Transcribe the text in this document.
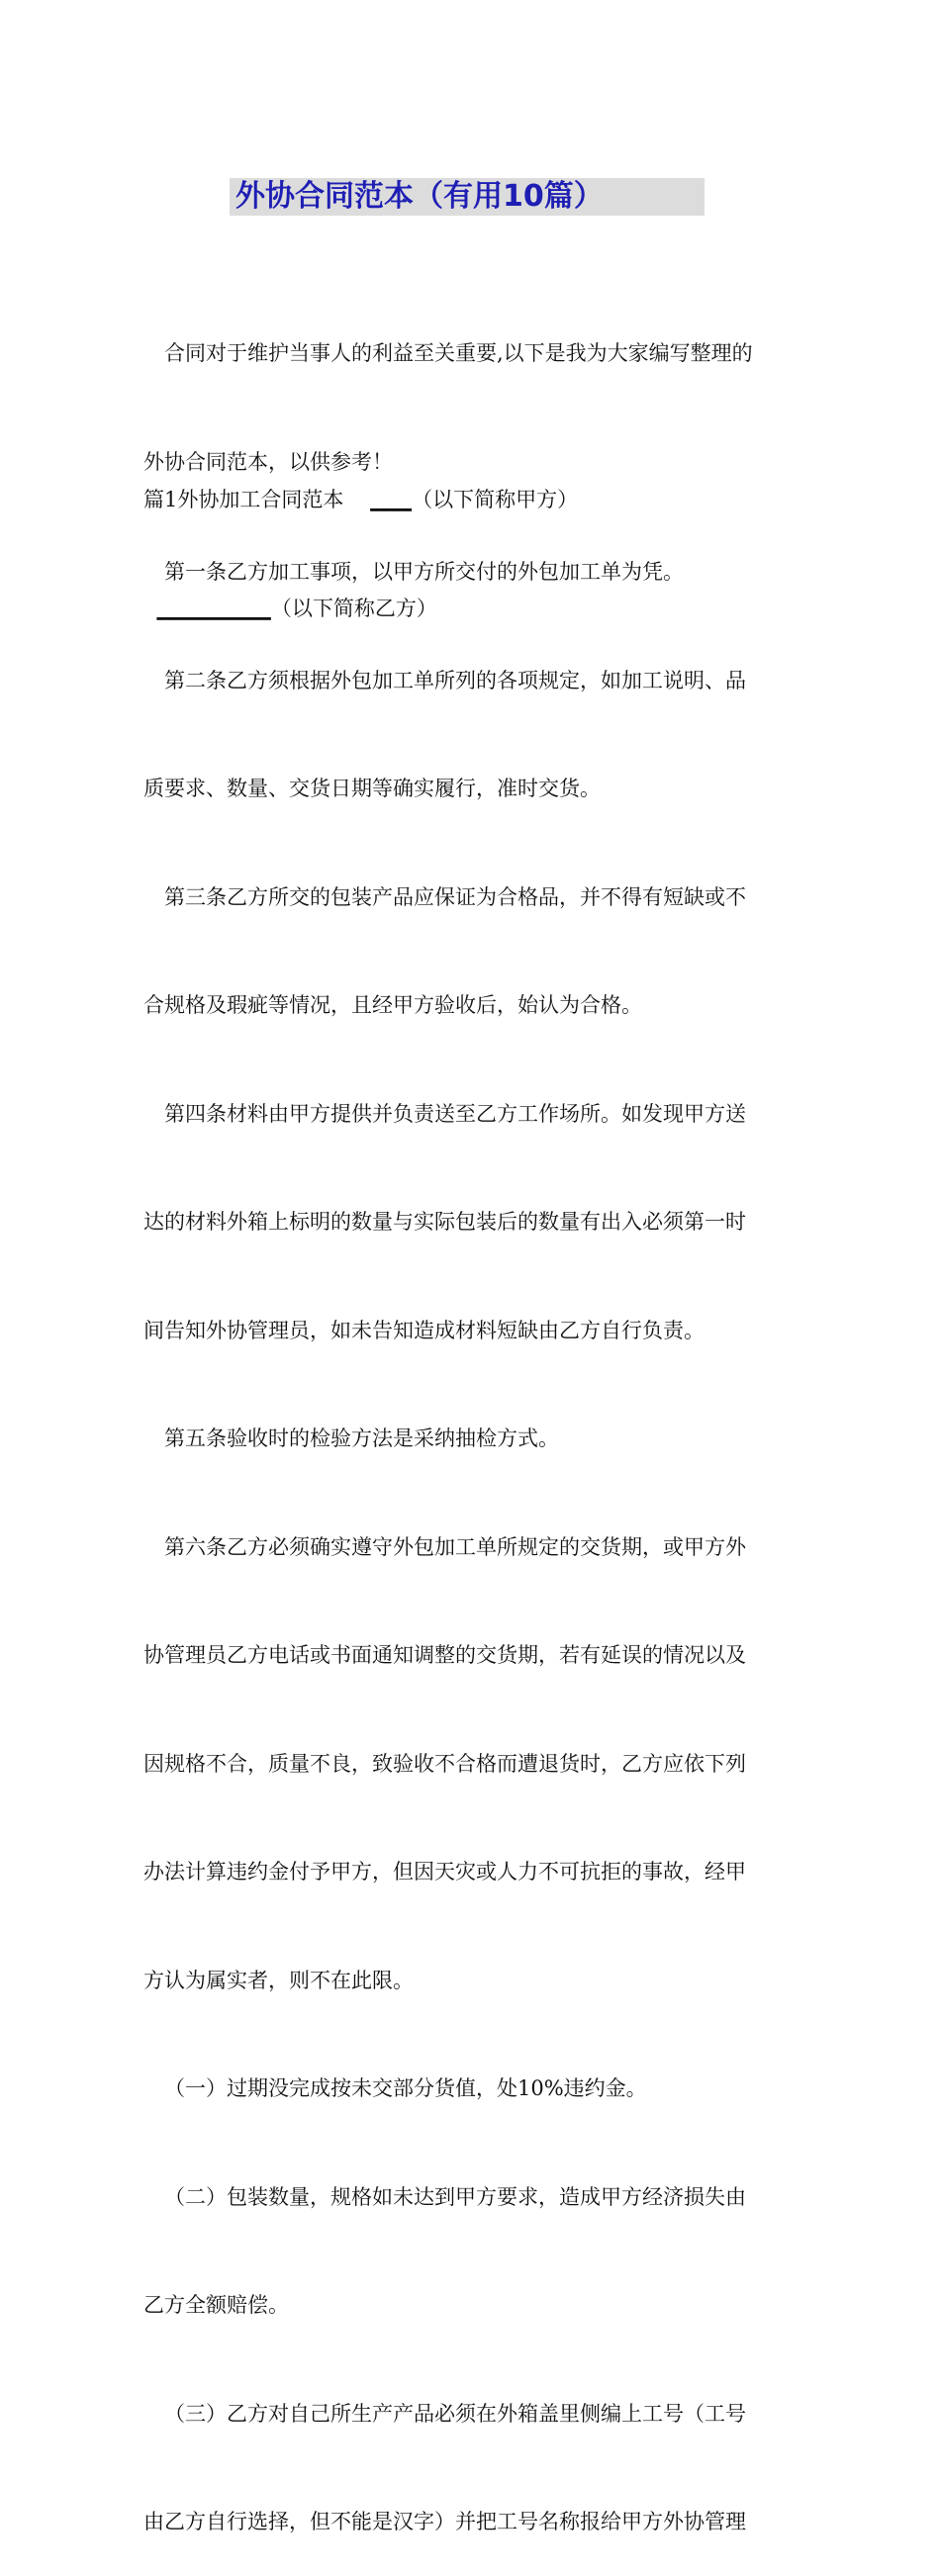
外协合同范本（有用10篇）

合同对于维护当事人的利益至关重要,以下是我为大家编写整理的

外协合同范本，以供参考！

篇1外协加工合同范本 ____（以下简称甲方）

___________（以下简称乙方）

第一条乙方加工事项，以甲方所交付的外包加工单为凭。

第二条乙方须根据外包加工单所列的各项规定，如加工说明、品

质要求、数量、交货日期等确实履行，准时交货。

第三条乙方所交的包装产品应保证为合格品，并不得有短缺或不

合规格及瑕疵等情况，且经甲方验收后，始认为合格。

第四条材料由甲方提供并负责送至乙方工作场所。如发现甲方送

达的材料外箱上标明的数量与实际包装后的数量有出入必须第一时

间告知外协管理员，如未告知造成材料短缺由乙方自行负责。

第五条验收时的检验方法是采纳抽检方式。

第六条乙方必须确实遵守外包加工单所规定的交货期，或甲方外

协管理员乙方电话或书面通知调整的交货期，若有延误的情况以及

因规格不合，质量不良，致验收不合格而遭退货时，乙方应依下列

办法计算违约金付予甲方，但因天灾或人力不可抗拒的事故，经甲

方认为属实者，则不在此限。

（一）过期没完成按未交部分货值，处10%违约金。

（二）包装数量，规格如未达到甲方要求，造成甲方经济损失由

乙方全额赔偿。

（三）乙方对自己所生产产品必须在外箱盖里侧编上工号（工号

由乙方自行选择，但不能是汉字）并把工号名称报给甲方外协管理
